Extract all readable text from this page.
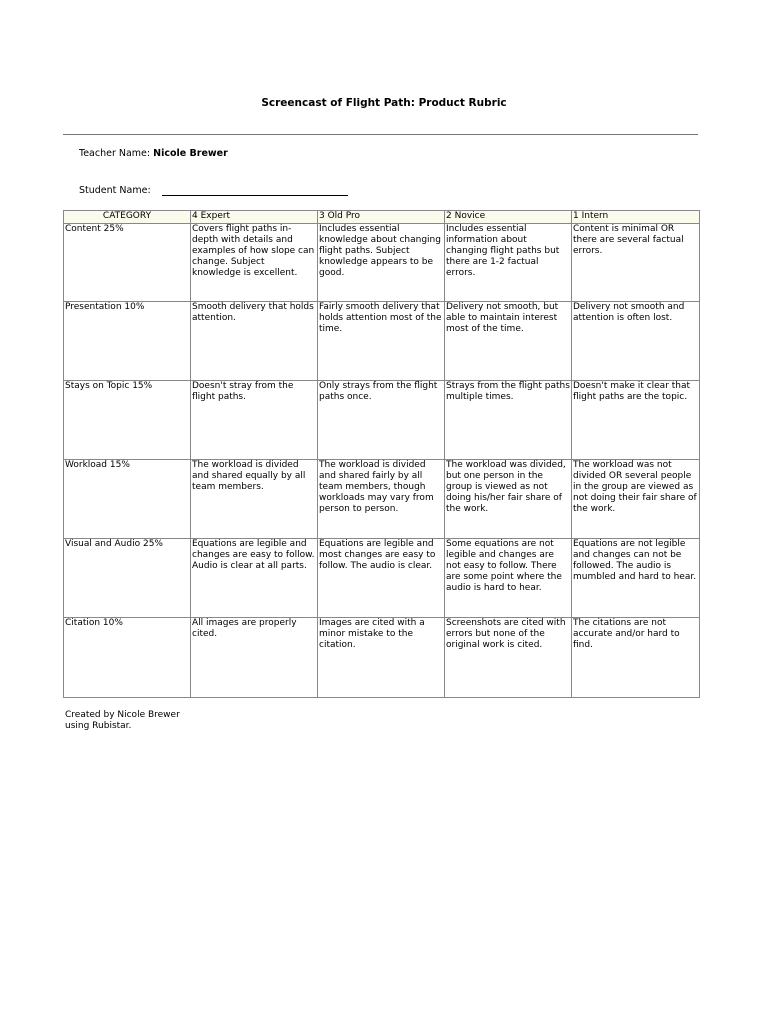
Screencast of Flight Path: Product Rubric
Teacher Name: Nicole Brewer
Student Name:
CATEGORY	4 Expert	3 Old Pro	2 Novice	1 Intern
Content 25%	Covers flight paths in-depth with details and examples of how slope can change. Subject knowledge is excellent.	Includes essential knowledge about changing flight paths. Subject knowledge appears to be good.	Includes essential information about changing flight paths but there are 1-2 factual errors.	Content is minimal OR there are several factual errors.
Presentation 10%	Smooth delivery that holds attention.	Fairly smooth delivery that holds attention most of the time.	Delivery not smooth, but able to maintain interest most of the time.	Delivery not smooth and attention is often lost.
Stays on Topic 15%	Doesn't stray from the flight paths.	Only strays from the flight paths once.	Strays from the flight paths multiple times.	Doesn't make it clear that flight paths are the topic.
Workload 15%	The workload is divided and shared equally by all team members.	The workload is divided and shared fairly by all team members, though workloads may vary from person to person.	The workload was divided, but one person in the group is viewed as not doing his/her fair share of the work.	The workload was not divided OR several people in the group are viewed as not doing their fair share of the work.
Visual and Audio 25%	Equations are legible and changes are easy to follow. Audio is clear at all parts.	Equations are legible and most changes are easy to follow. The audio is clear.	Some equations are not legible and changes are not easy to follow. There are some point where the audio is hard to hear.	Equations are not legible and changes can not be followed. The audio is mumbled and hard to hear.
Citation 10%	All images are properly cited.	Images are cited with a minor mistake to the citation.	Screenshots are cited with errors but none of the original work is cited.	The citations are not accurate and/or hard to find.
Created by Nicole Brewer
using Rubistar.
